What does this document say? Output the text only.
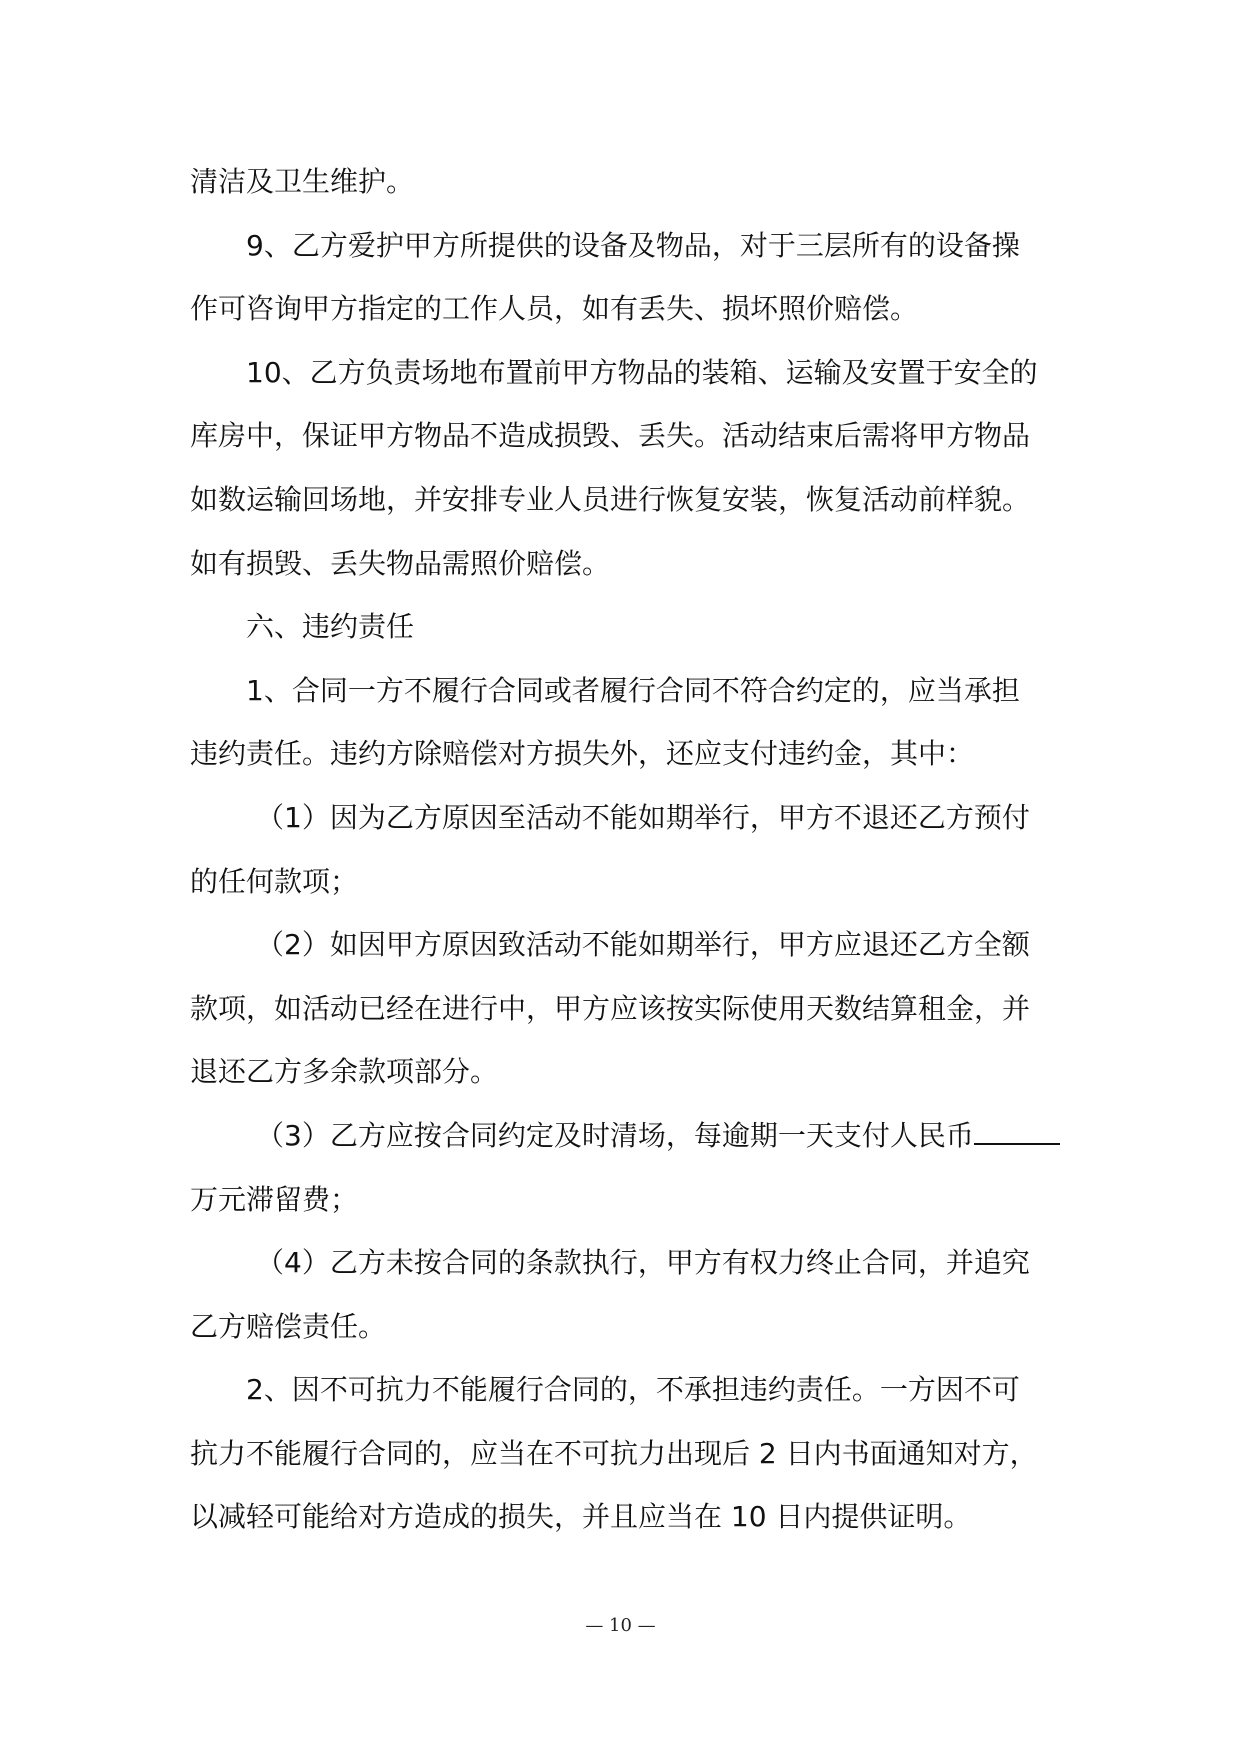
清洁及卫生维护。
9、乙方爱护甲方所提供的设备及物品，对于三层所有的设备操
作可咨询甲方指定的工作人员，如有丢失、损坏照价赔偿。
10、乙方负责场地布置前甲方物品的装箱、运输及安置于安全的
库房中，保证甲方物品不造成损毁、丢失。活动结束后需将甲方物品
如数运输回场地，并安排专业人员进行恢复安装，恢复活动前样貌。
如有损毁、丢失物品需照价赔偿。
六、违约责任
1、合同一方不履行合同或者履行合同不符合约定的，应当承担
违约责任。违约方除赔偿对方损失外，还应支付违约金，其中：
（1）因为乙方原因至活动不能如期举行，甲方不退还乙方预付
的任何款项；
（2）如因甲方原因致活动不能如期举行，甲方应退还乙方全额
款项，如活动已经在进行中，甲方应该按实际使用天数结算租金，并
退还乙方多余款项部分。
（3）乙方应按合同约定及时清场，每逾期一天支付人民币
万元滞留费；
（4）乙方未按合同的条款执行，甲方有权力终止合同，并追究
乙方赔偿责任。
2、因不可抗力不能履行合同的，不承担违约责任。一方因不可
抗力不能履行合同的，应当在不可抗力出现后 2 日内书面通知对方，
以减轻可能给对方造成的损失，并且应当在 10 日内提供证明。
— 10 —
